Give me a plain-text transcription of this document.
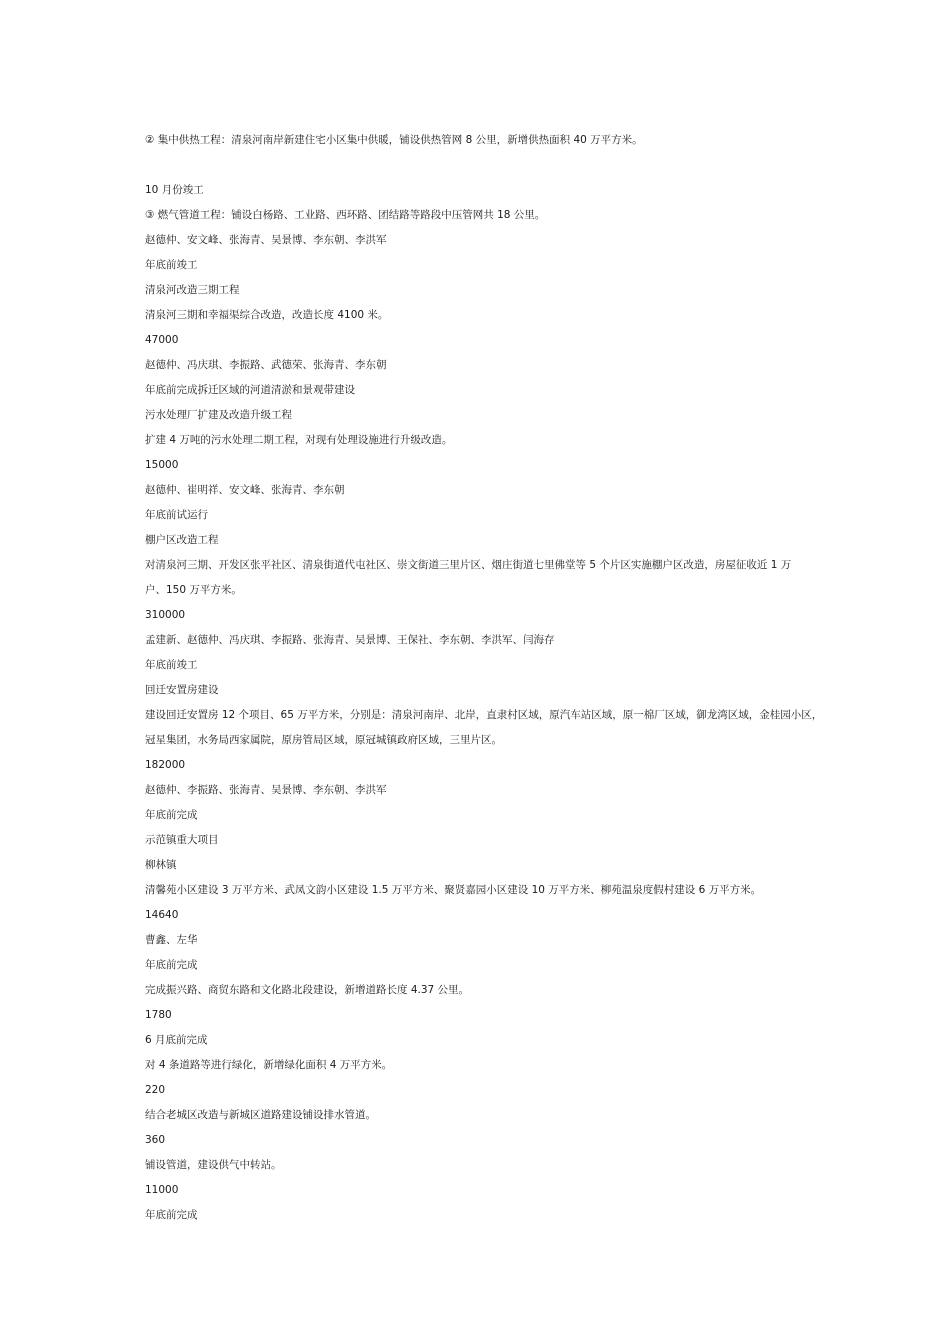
② 集中供热工程：清泉河南岸新建住宅小区集中供暖，铺设供热管网 8 公里，新增供热面积 40 万平方米。
10 月份竣工
③ 燃气管道工程：铺设白杨路、工业路、西环路、团结路等路段中压管网共 18 公里。
赵德仲、安文峰、张海青、吴景博、李东朝、李洪军
年底前竣工
清泉河改造三期工程
清泉河三期和幸福渠综合改造，改造长度 4100 米。
47000
赵德仲、冯庆琪、李振路、武德荣、张海青、李东朝
年底前完成拆迁区域的河道清淤和景观带建设
污水处理厂扩建及改造升级工程
扩建 4 万吨的污水处理二期工程，对现有处理设施进行升级改造。
15000
赵德仲、崔明祥、安文峰、张海青、李东朝
年底前试运行
棚户区改造工程
对清泉河三期、开发区张平社区、清泉街道代屯社区、崇文街道三里片区、烟庄街道七里佛堂等 5 个片区实施棚户区改造，房屋征收近 1 万
户、150 万平方米。
310000
孟建新、赵德仲、冯庆琪、李振路、张海青、吴景博、王保社、李东朝、李洪军、闫海存
年底前竣工
回迁安置房建设
建设回迁安置房 12 个项目、65 万平方米，分别是：清泉河南岸、北岸，直隶村区域，原汽车站区域，原一棉厂区域，御龙湾区域，金桂园小区，
冠星集团，水务局西家属院，原房管局区域，原冠城镇政府区域，三里片区。
182000
赵德仲、李振路、张海青、吴景博、李东朝、李洪军
年底前完成
示范镇重大项目
柳林镇
清馨苑小区建设 3 万平方米、武凤文韵小区建设 1.5 万平方米、聚贤嘉园小区建设 10 万平方米、柳苑温泉度假村建设 6 万平方米。
14640
曹鑫、左华
年底前完成
完成振兴路、商贸东路和文化路北段建设，新增道路长度 4.37 公里。
1780
6 月底前完成
对 4 条道路等进行绿化，新增绿化面积 4 万平方米。
220
结合老城区改造与新城区道路建设铺设排水管道。
360
铺设管道，建设供气中转站。
11000
年底前完成
